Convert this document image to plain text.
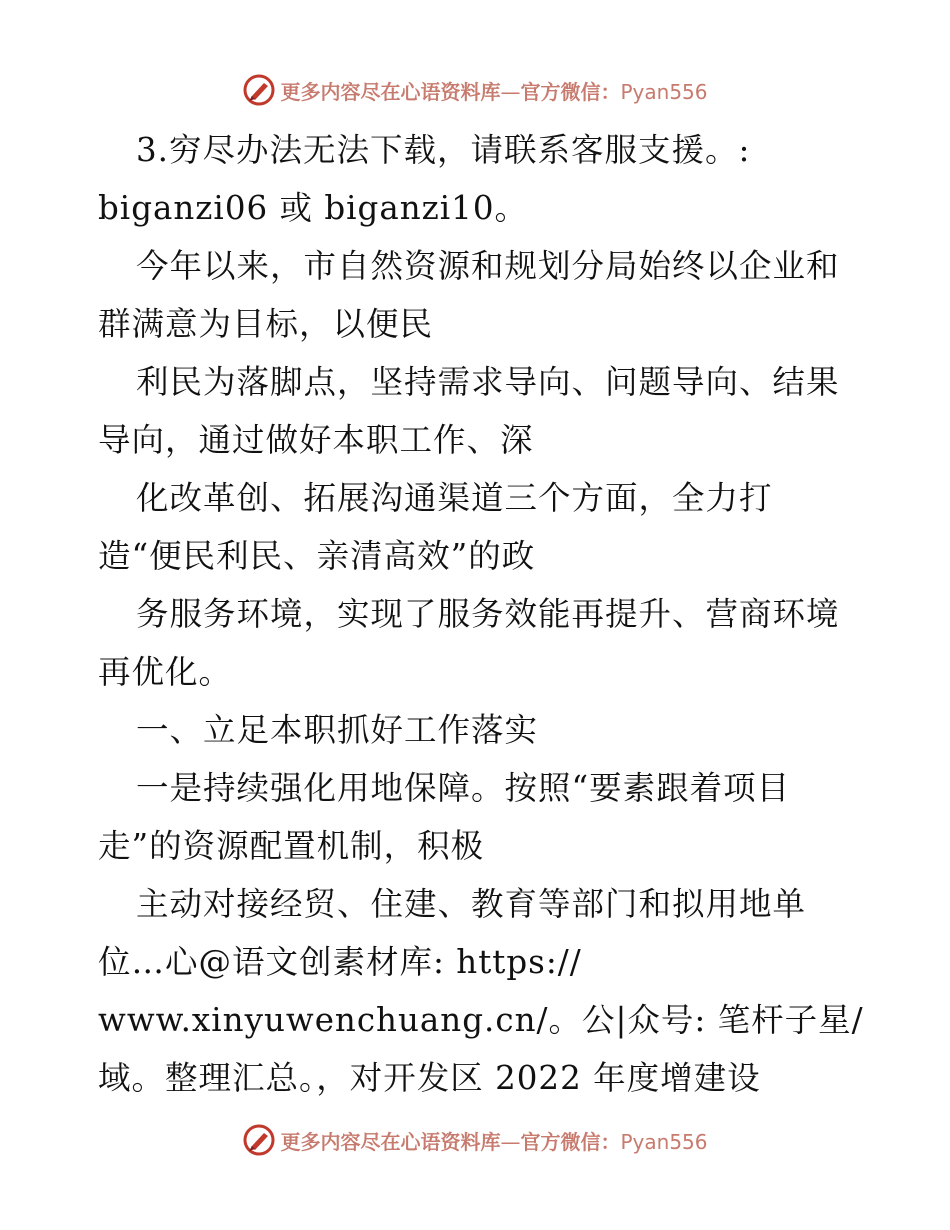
更多内容尽在心语资料库—官方微信：Pyan556
3.穷尽办法无法下载，请联系客服支援。:
biganzi06 或 biganzi10。
今年以来，市自然资源和规划分局始终以企业和
群满意为目标，以便民
利民为落脚点，坚持需求导向、问题导向、结果
导向，通过做好本职工作、深
化改革创、拓展沟通渠道三个方面，全力打
造“便民利民、亲清高效”的政
务服务环境，实现了服务效能再提升、营商环境
再优化。
一、立足本职抓好工作落实
一是持续强化用地保障。按照“要素跟着项目
走”的资源配置机制，积极
主动对接经贸、住建、教育等部门和拟用地单
位…心@语文创素材库: https://
www.xinyuwenchuang.cn/。公|众号: 笔杆子星/
域。整理汇总。，对开发区 2022 年度增建设
更多内容尽在心语资料库—官方微信：Pyan556
